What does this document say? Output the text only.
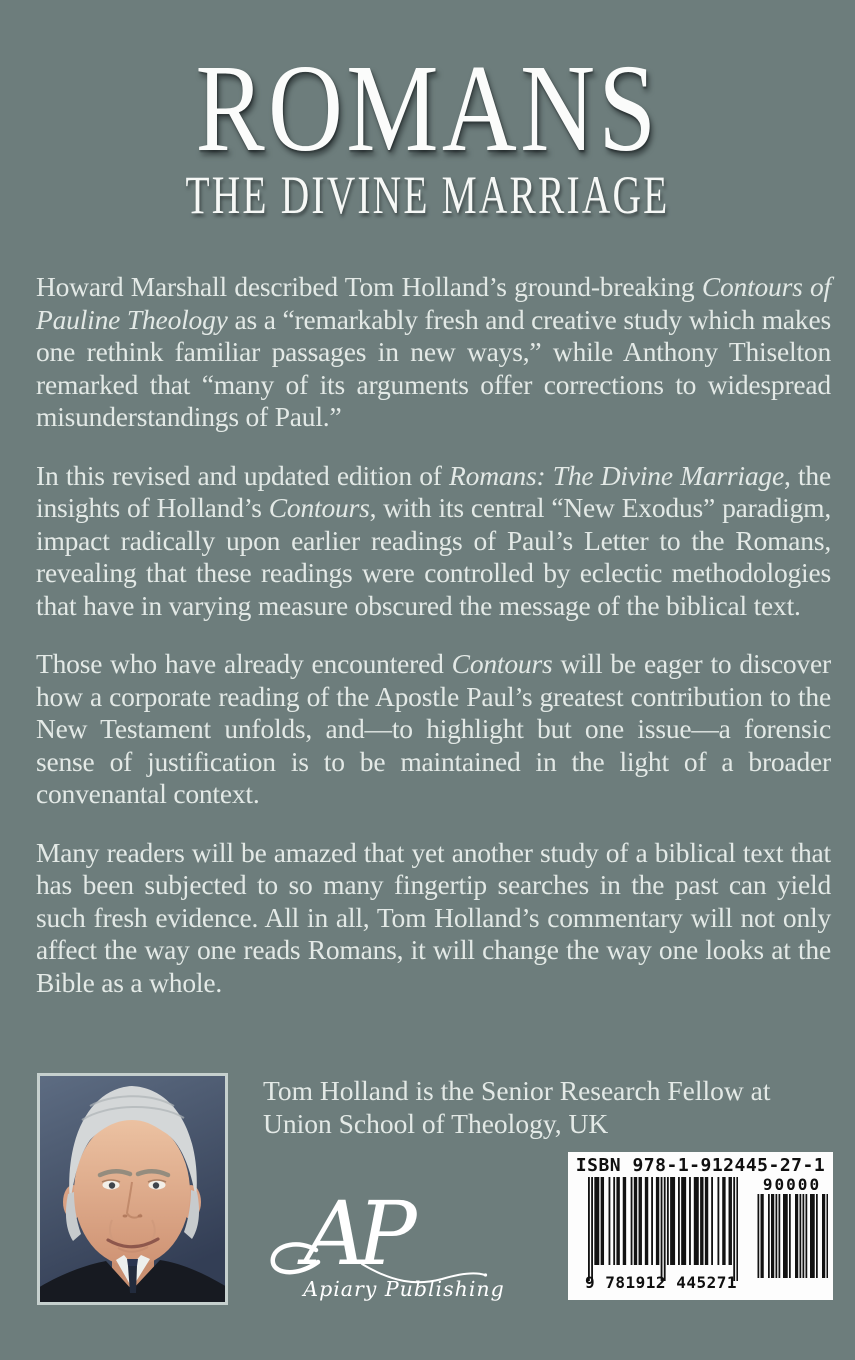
ROMANS
THE DIVINE MARRIAGE

Howard Marshall described Tom Holland’s ground-breaking Contours of Pauline Theology as a “remarkably fresh and creative study which makes one rethink familiar passages in new ways,” while Anthony Thiselton remarked that “many of its arguments offer corrections to widespread misunderstandings of Paul.”

In this revised and updated edition of Romans: The Divine Marriage, the insights of Holland’s Contours, with its central “New Exodus” paradigm, impact radically upon earlier readings of Paul’s Letter to the Romans, revealing that these readings were controlled by eclectic methodologies that have in varying measure obscured the message of the biblical text.

Those who have already encountered Contours will be eager to discover how a corporate reading of the Apostle Paul’s greatest contribution to the New Testament unfolds, and—to highlight but one issue—a forensic sense of justification is to be maintained in the light of a broader convenantal context.

Many readers will be amazed that yet another study of a biblical text that has been subjected to so many fingertip searches in the past can yield such fresh evidence. All in all, Tom Holland’s commentary will not only affect the way one reads Romans, it will change the way one looks at the Bible as a whole.

Tom Holland is the Senior Research Fellow at Union School of Theology, UK
AP
Apiary Publishing
ISBN 978-1-912445-27-1
9 781912 445271
90000
